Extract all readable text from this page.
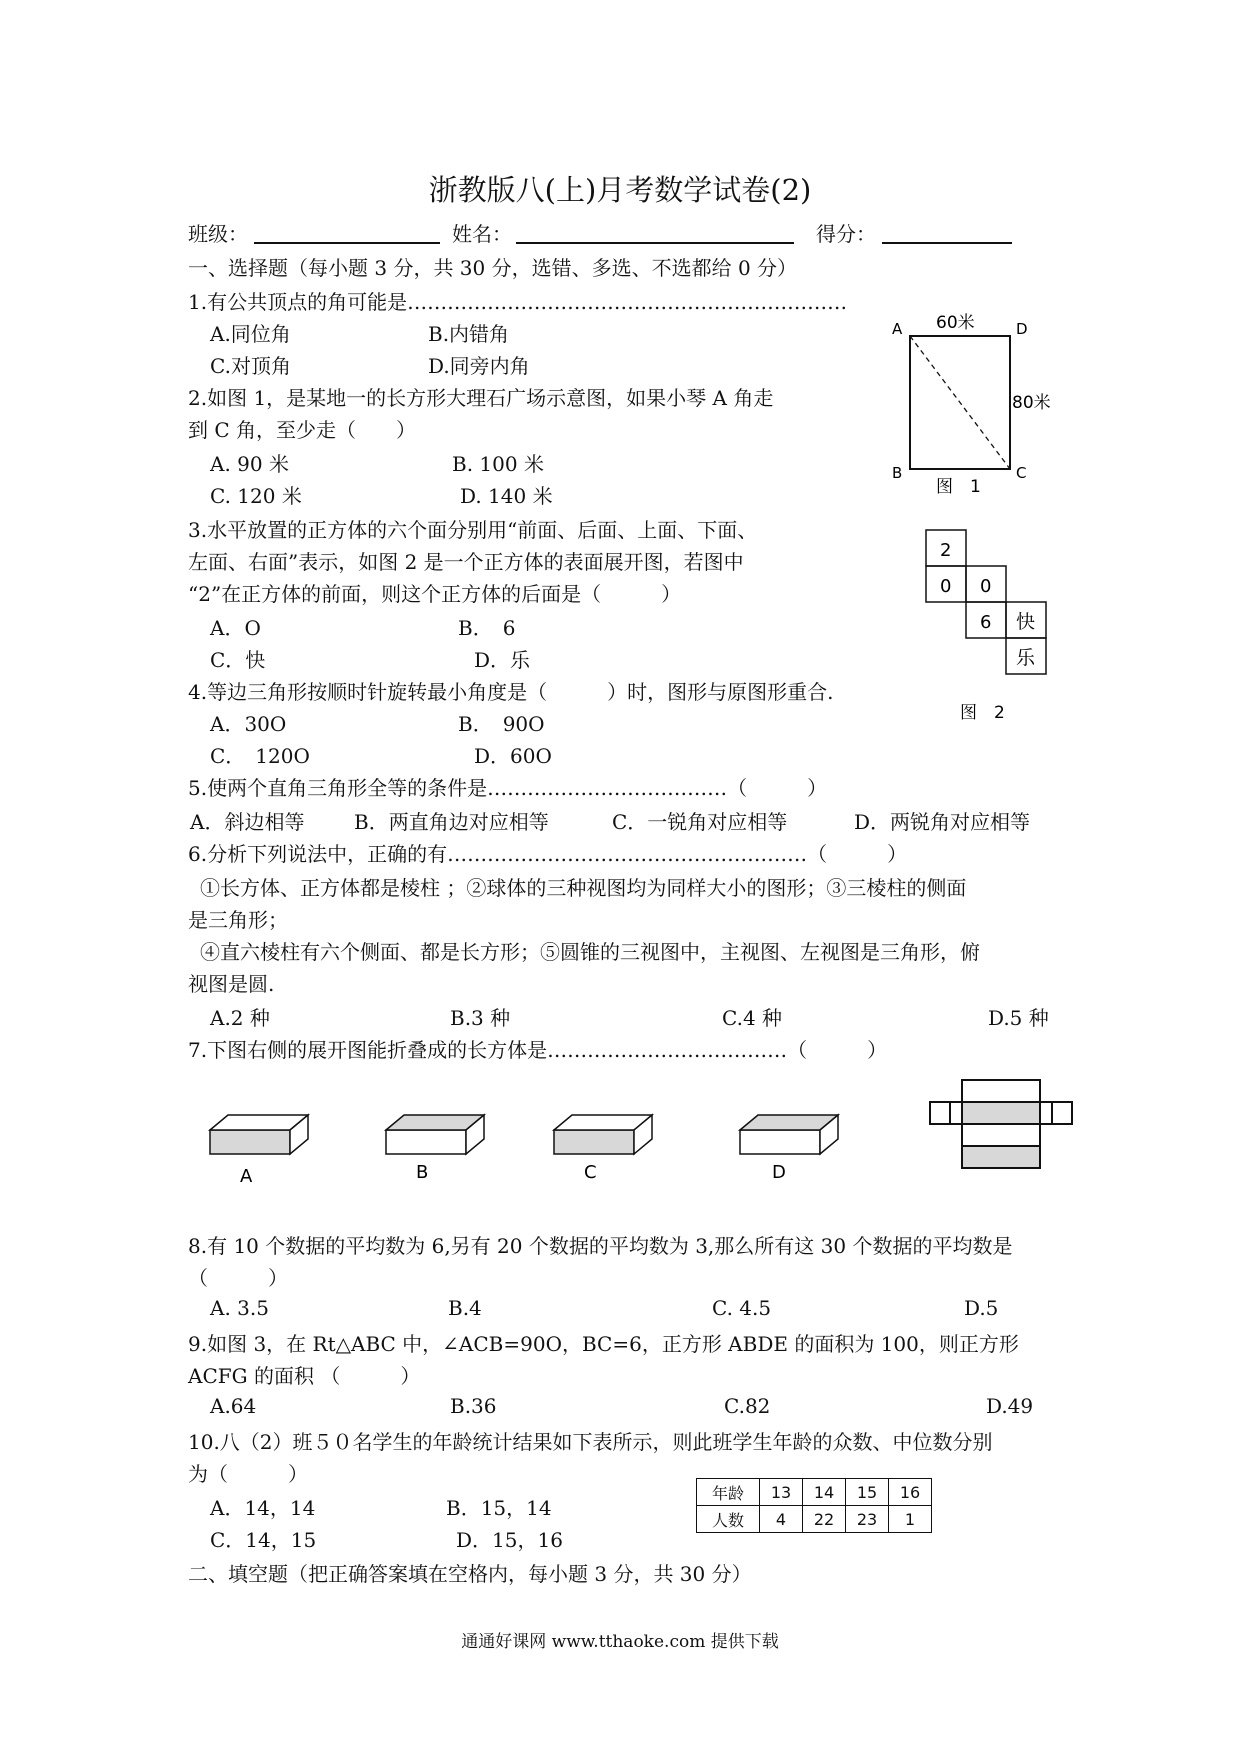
浙教版八(上)月考数学试卷(2)
班级：	姓名：	得分：
一、选择题（每小题 3 分，共 30 分，选错、多选、不选都给 0 分）
1.有公共顶点的角可能是…………………………………………………………
A.同位角	B.内错角
C.对顶角	D.同旁内角
2.如图 1，是某地一的长方形大理石广场示意图，如果小琴 A 角走
到 C 角，至少走（　　）
A. 90 米	B. 100 米
C. 120 米	D. 140 米
60米
80米
A	D
B	C
图　1
3.水平放置的正方体的六个面分别用“前面、后面、上面、下面、
左面、右面”表示，如图 2 是一个正方体的表面展开图，若图中
“2”在正方体的前面，则这个正方体的后面是（　　　）
A．O	B．　6
C．快	D．乐
2
0 0
6 快
乐
图　2
4.等边三角形按顺时针旋转最小角度是（　　　）时，图形与原图形重合.
A．30O	B．　90O
C．　120O	D．60O
5.使两个直角三角形全等的条件是………………………………（　　　）
A．斜边相等 B．两直角边对应相等	C．一锐角对应相等	D．两锐角对应相等
6.分析下列说法中，正确的有………………………………………………（　　　）
①长方体、正方体都是棱柱 ；②球体的三种视图均为同样大小的图形；③三棱柱的侧面
是三角形；
④直六棱柱有六个侧面、都是长方形；⑤圆锥的三视图中，主视图、左视图是三角形，俯
视图是圆.
A.2 种	B.3 种	C.4 种	D.5 种
7.下图右侧的展开图能折叠成的长方体是………………………………（　　　）
A	B	C	D
8.有 10 个数据的平均数为 6,另有 20 个数据的平均数为 3,那么所有这 30 个数据的平均数是
（　　　）
A. 3.5	B.4	C. 4.5	D.5
9.如图 3，在 Rt△ABC 中，∠ACB=90O，BC=6，正方形 ABDE 的面积为 100，则正方形
ACFG 的面积 （　　　）
A.64	B.36	C.82	D.49
10.八（2）班５０名学生的年龄统计结果如下表所示，则此班学生年龄的众数、中位数分别
为（　　　）
A．14，14	B．15，14
C．14，15	D．15，16
年龄	13	14	15	16
人数	4	22	23	1
二、填空题（把正确答案填在空格内，每小题 3 分，共 30 分）
通通好课网 www.tthaoke.com 提供下载
